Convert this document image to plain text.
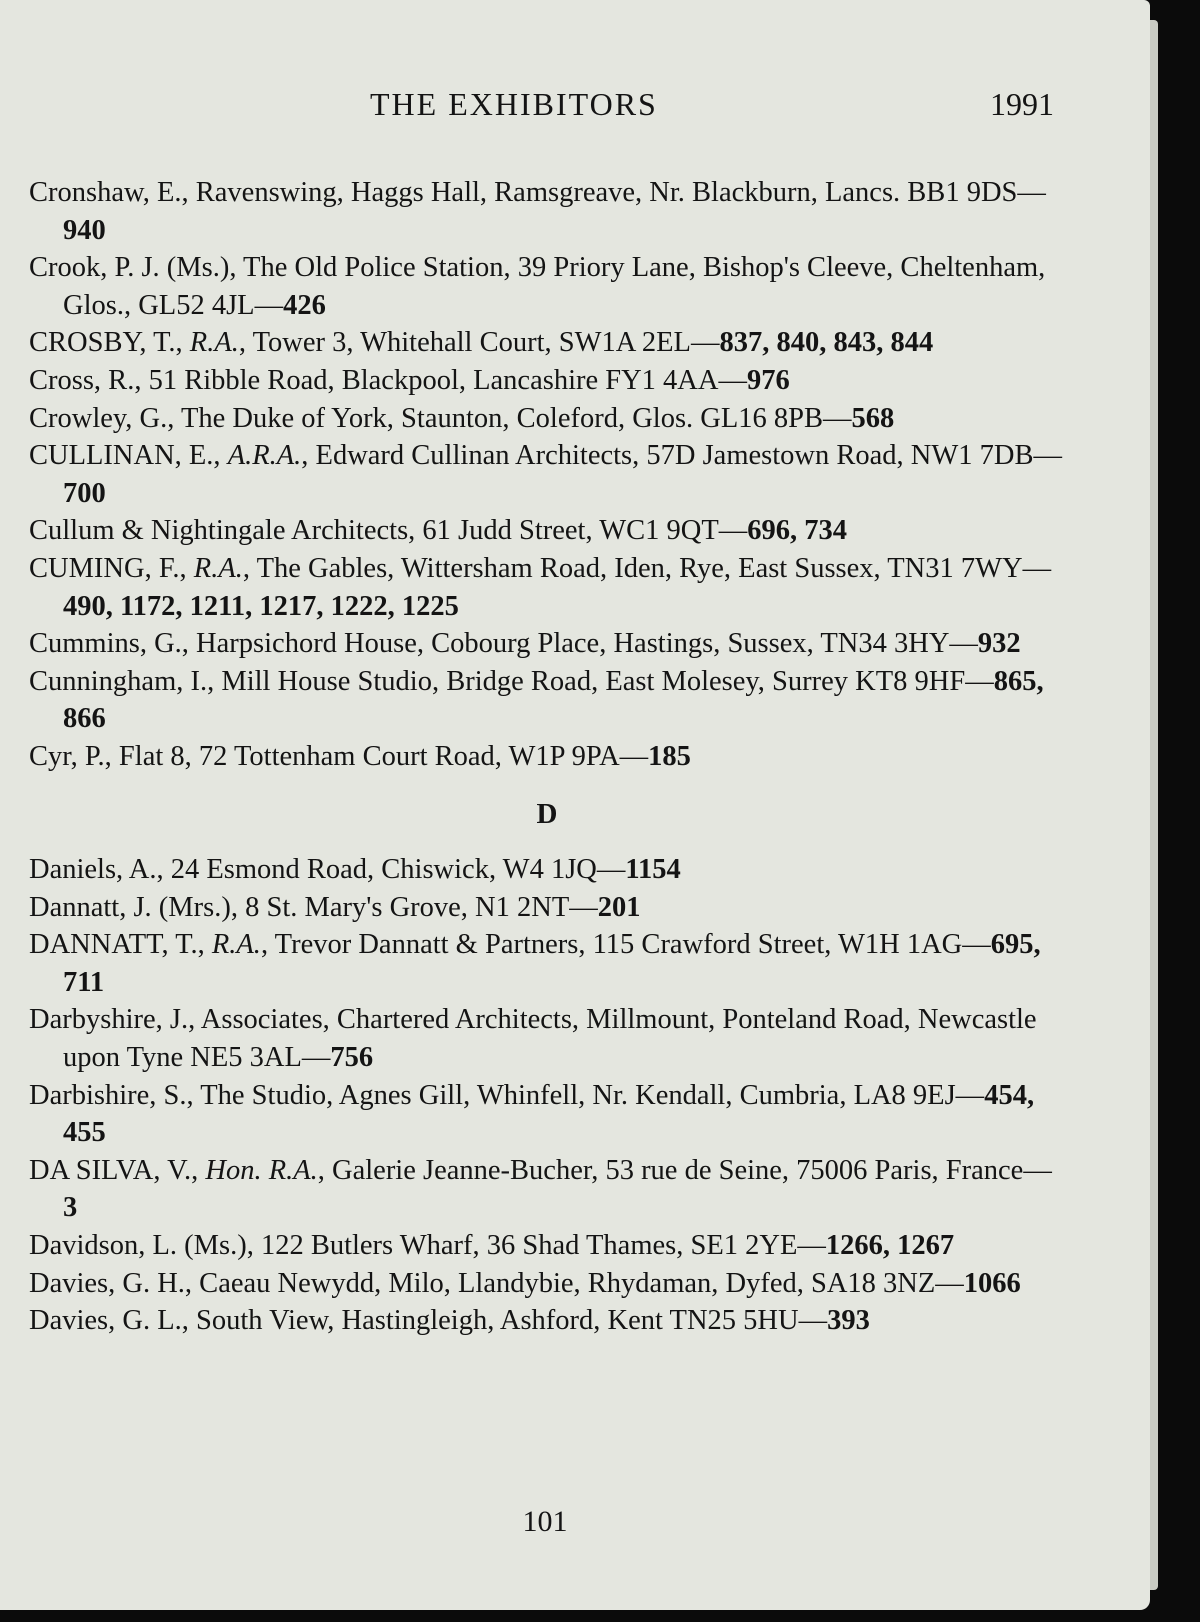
THE EXHIBITORS	1991
Cronshaw, E., Ravenswing, Haggs Hall, Ramsgreave, Nr. Blackburn, Lancs. BB1 9DS—940
Crook, P. J. (Ms.), The Old Police Station, 39 Priory Lane, Bishop's Cleeve, Cheltenham, Glos., GL52 4JL—426
CROSBY, T., R.A., Tower 3, Whitehall Court, SW1A 2EL—837, 840, 843, 844
Cross, R., 51 Ribble Road, Blackpool, Lancashire FY1 4AA—976
Crowley, G., The Duke of York, Staunton, Coleford, Glos. GL16 8PB—568
CULLINAN, E., A.R.A., Edward Cullinan Architects, 57D Jamestown Road, NW1 7DB—700
Cullum & Nightingale Architects, 61 Judd Street, WC1 9QT—696, 734
CUMING, F., R.A., The Gables, Wittersham Road, Iden, Rye, East Sussex, TN31 7WY—490, 1172, 1211, 1217, 1222, 1225
Cummins, G., Harpsichord House, Cobourg Place, Hastings, Sussex, TN34 3HY—932
Cunningham, I., Mill House Studio, Bridge Road, East Molesey, Surrey KT8 9HF—865, 866
Cyr, P., Flat 8, 72 Tottenham Court Road, W1P 9PA—185
D
Daniels, A., 24 Esmond Road, Chiswick, W4 1JQ—1154
Dannatt, J. (Mrs.), 8 St. Mary's Grove, N1 2NT—201
DANNATT, T., R.A., Trevor Dannatt & Partners, 115 Crawford Street, W1H 1AG—695, 711
Darbyshire, J., Associates, Chartered Architects, Millmount, Ponteland Road, Newcastle upon Tyne NE5 3AL—756
Darbishire, S., The Studio, Agnes Gill, Whinfell, Nr. Kendall, Cumbria, LA8 9EJ—454, 455
DA SILVA, V., Hon. R.A., Galerie Jeanne-Bucher, 53 rue de Seine, 75006 Paris, France—3
Davidson, L. (Ms.), 122 Butlers Wharf, 36 Shad Thames, SE1 2YE—1266, 1267
Davies, G. H., Caeau Newydd, Milo, Llandybie, Rhydaman, Dyfed, SA18 3NZ—1066
Davies, G. L., South View, Hastingleigh, Ashford, Kent TN25 5HU—393
101
